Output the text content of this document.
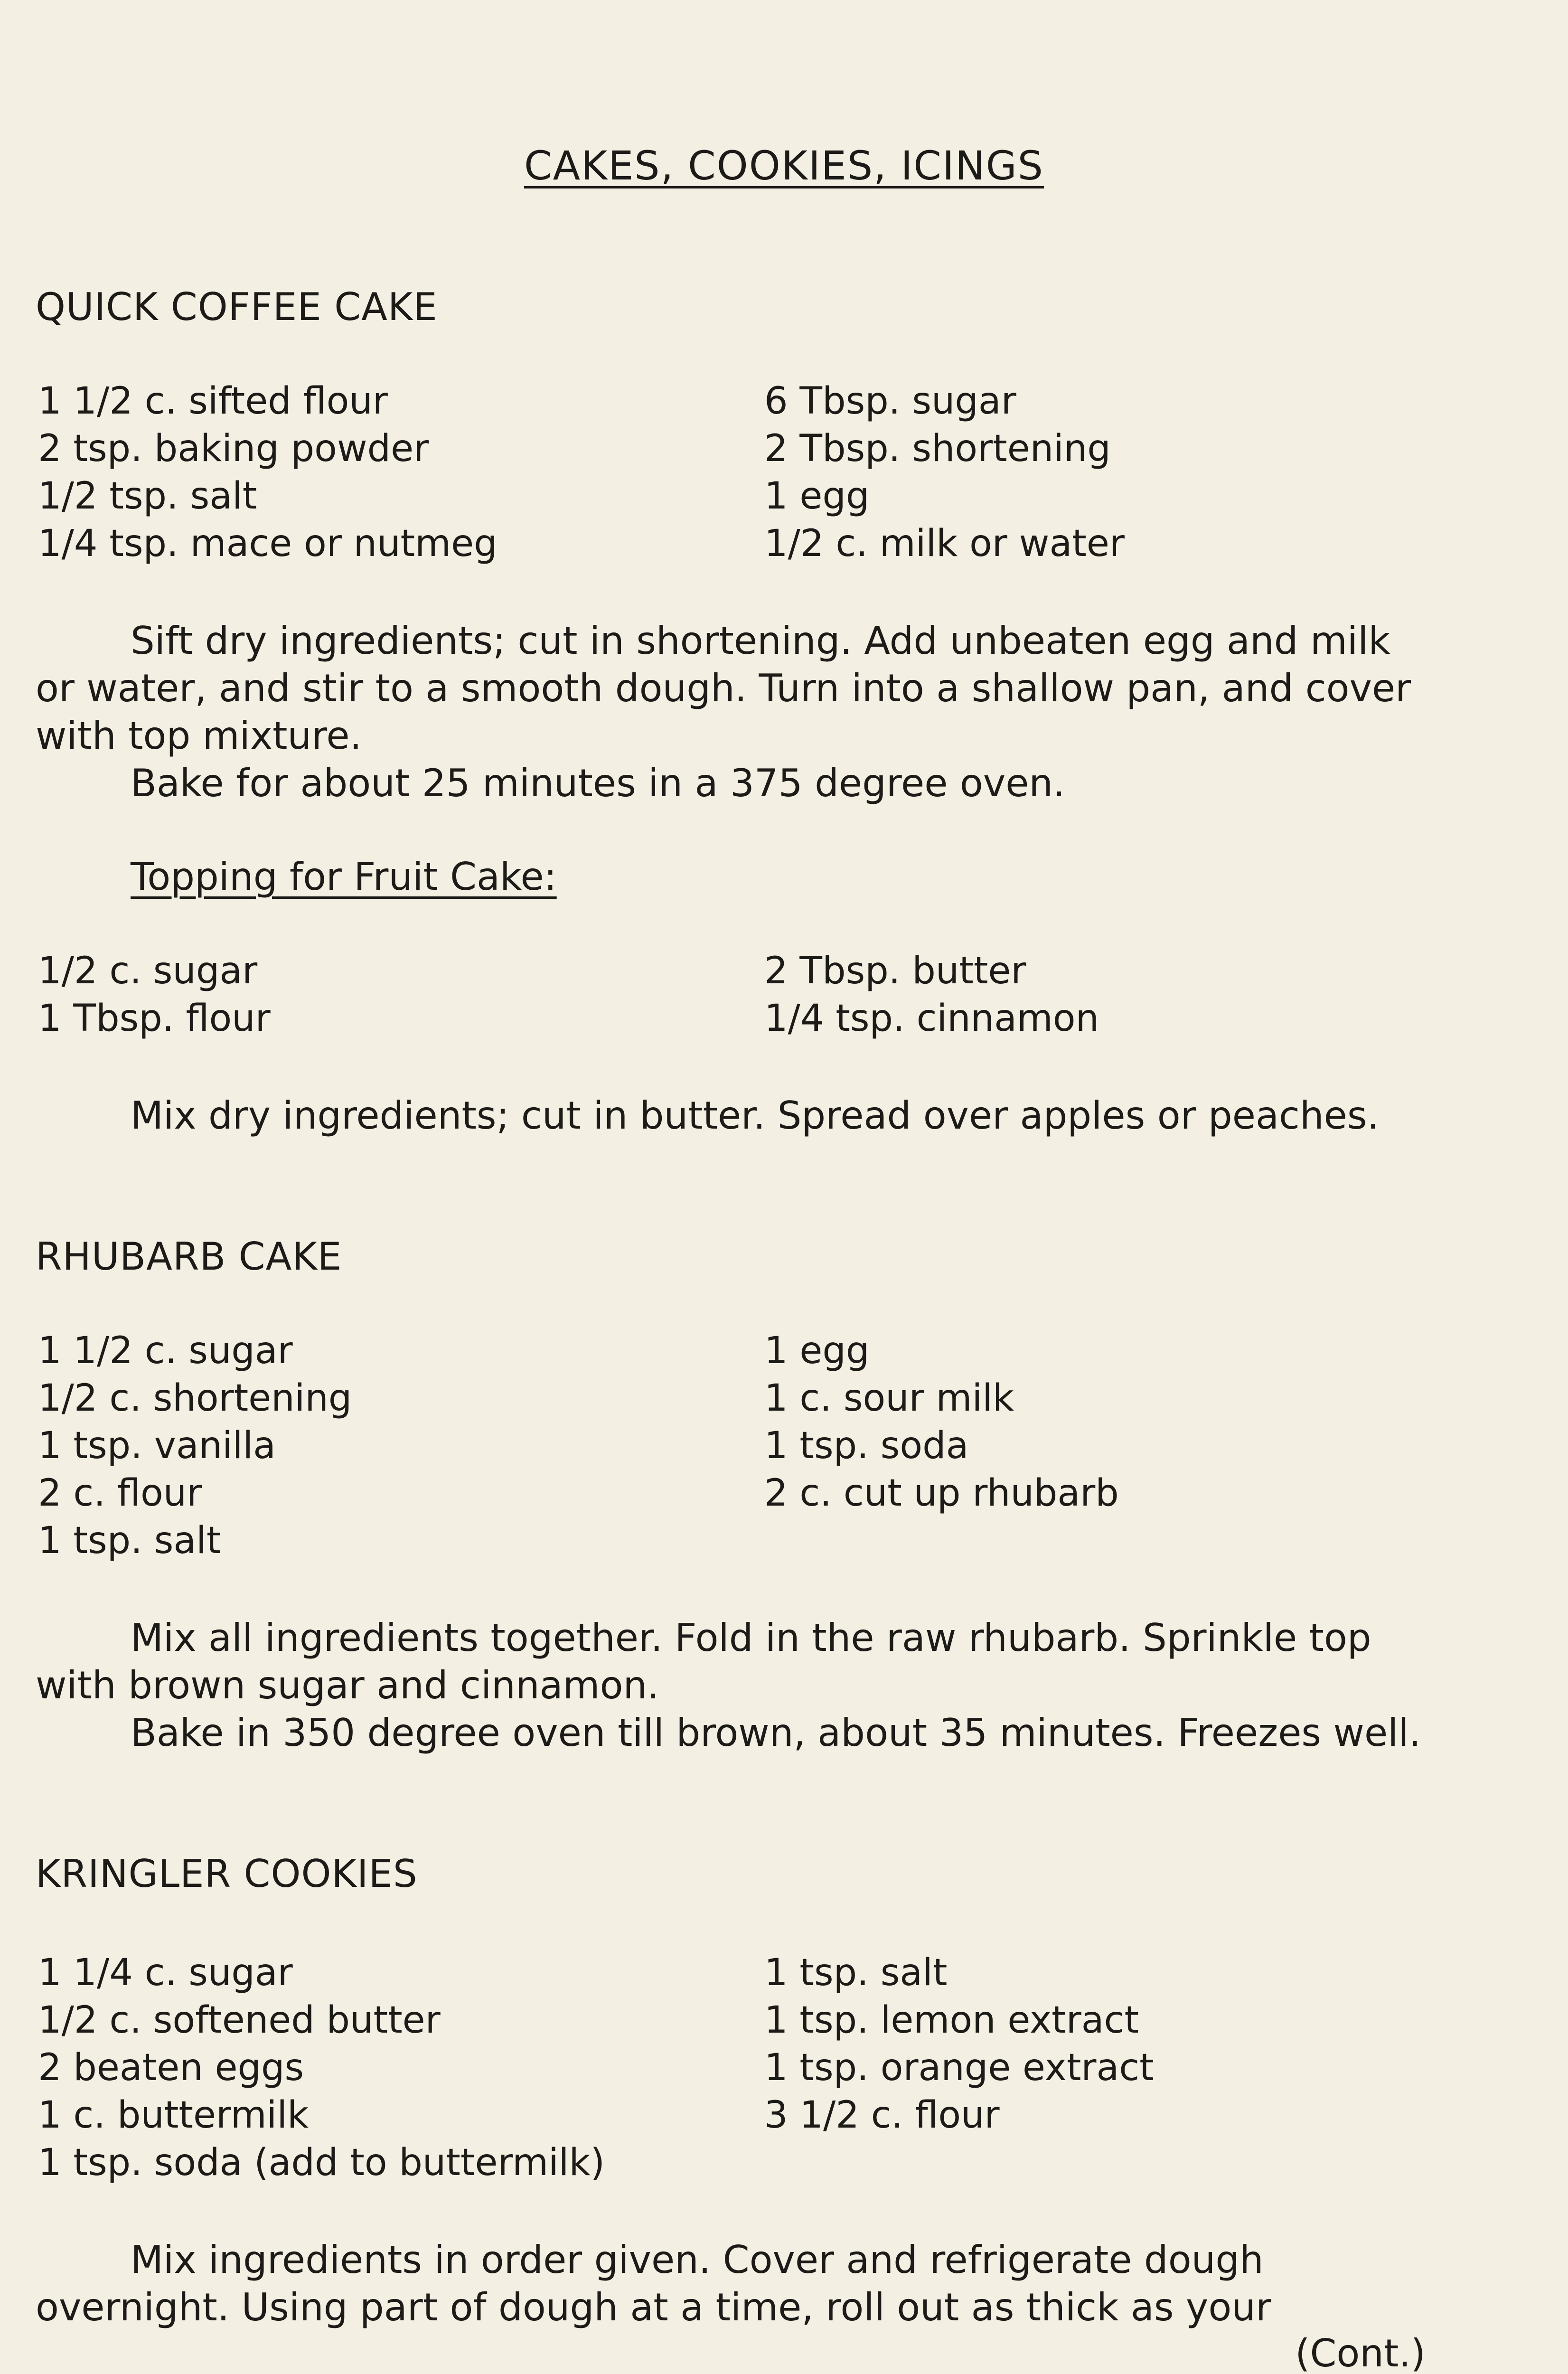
CAKES, COOKIES, ICINGS
QUICK COFFEE CAKE
1 1/2 c. sifted flour
2 tsp. baking powder
1/2 tsp. salt
1/4 tsp. mace or nutmeg
6 Tbsp. sugar
2 Tbsp. shortening
1 egg
1/2 c. milk or water
Sift dry ingredients; cut in shortening. Add unbeaten egg and milk or water, and stir to a smooth dough. Turn into a shallow pan, and cover with top mixture.
Bake for about 25 minutes in a 375 degree oven.
Topping for Fruit Cake:
1/2 c. sugar
1 Tbsp. flour
2 Tbsp. butter
1/4 tsp. cinnamon
Mix dry ingredients; cut in butter. Spread over apples or peaches.
RHUBARB CAKE
1 1/2 c. sugar
1/2 c. shortening
1 tsp. vanilla
2 c. flour
1 tsp. salt
1 egg
1 c. sour milk
1 tsp. soda
2 c. cut up rhubarb
Mix all ingredients together. Fold in the raw rhubarb. Sprinkle top with brown sugar and cinnamon.
Bake in 350 degree oven till brown, about 35 minutes. Freezes well.
KRINGLER COOKIES
1 1/4 c. sugar
1/2 c. softened butter
2 beaten eggs
1 c. buttermilk
1 tsp. soda (add to buttermilk)
1 tsp. salt
1 tsp. lemon extract
1 tsp. orange extract
3 1/2 c. flour
Mix ingredients in order given. Cover and refrigerate dough overnight. Using part of dough at a time, roll out as thick as your
(Cont.)
